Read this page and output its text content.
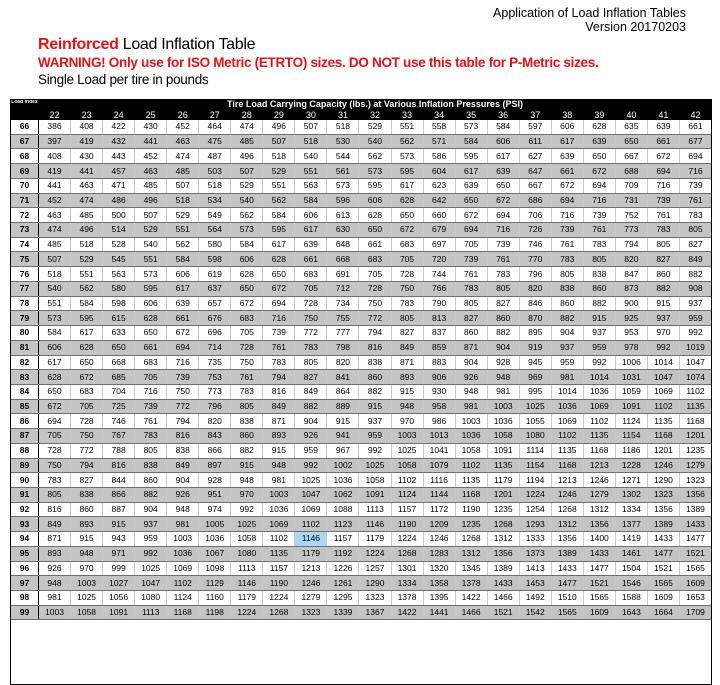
Application of Load Inflation Tables
Version 20170203
Reinforced Load Inflation Table
WARNING! Only use for ISO Metric (ETRTO) sizes. DO NOT use this table for P-Metric sizes.
Single Load per tire in pounds
Load Index	Tire Load Carrying Capacity (lbs.) at Various Inflation Pressures (PSI)																				
	22	23	24	25	26	27	28	29	30	31	32	33	34	35	36	37	38	39	40	41	42
66	386	408	422	430	452	464	474	496	507	518	529	551	558	573	584	597	606	628	635	639	661
67	397	419	432	441	463	475	485	507	518	530	540	562	571	584	606	611	617	639	650	661	677
68	408	430	443	452	474	487	496	518	540	544	562	573	586	595	617	627	639	650	667	672	694
69	419	441	457	463	485	503	507	529	551	561	573	595	604	617	639	647	661	672	688	694	716
70	441	463	471	485	507	518	529	551	563	573	595	617	623	639	650	667	672	694	709	716	739
71	452	474	486	496	518	534	540	562	584	596	606	628	642	650	672	686	694	716	731	739	761
72	463	485	500	507	529	549	562	584	606	613	628	650	660	672	694	706	716	739	752	761	783
73	474	496	514	529	551	564	573	595	617	630	650	672	679	694	716	726	739	761	773	783	805
74	485	518	528	540	562	580	584	617	639	648	661	683	697	705	739	746	761	783	794	805	827
75	507	529	545	551	584	598	606	628	661	668	683	705	720	739	761	770	783	805	820	827	849
76	518	551	563	573	606	619	628	650	683	691	705	728	744	761	783	796	805	838	847	860	882
77	540	562	580	595	617	637	650	672	705	712	728	750	766	783	805	820	838	860	873	882	908
78	551	584	598	606	639	657	672	694	728	734	750	783	790	805	827	846	860	882	900	915	937
79	573	595	615	628	661	676	683	716	750	755	772	805	813	827	860	870	882	915	925	937	959
80	584	617	633	650	672	696	705	739	772	777	794	827	837	860	882	895	904	937	953	970	992
81	606	628	650	661	694	714	728	761	783	798	816	849	859	871	904	919	937	959	978	992	1019
82	617	650	668	683	716	735	750	783	805	820	838	871	883	904	928	945	959	992	1006	1014	1047
83	628	672	685	705	739	753	761	794	827	841	860	893	906	926	948	969	981	1014	1031	1047	1074
84	650	683	704	716	750	773	783	816	849	864	882	915	930	948	981	995	1014	1036	1059	1069	1102
85	672	705	725	739	772	796	805	849	882	889	915	948	958	981	1003	1025	1036	1069	1091	1102	1135
86	694	728	746	761	794	820	838	871	904	915	937	970	986	1003	1036	1055	1069	1102	1124	1135	1168
87	705	750	767	783	816	843	860	893	926	941	959	1003	1013	1036	1058	1080	1102	1135	1154	1168	1201
88	728	772	788	805	838	866	882	915	959	967	992	1025	1041	1058	1091	1114	1135	1168	1186	1201	1235
89	750	794	816	838	849	897	915	948	992	1002	1025	1058	1079	1102	1135	1154	1168	1213	1228	1246	1279
90	783	827	844	860	904	928	948	981	1025	1036	1058	1102	1116	1135	1179	1194	1213	1246	1271	1290	1323
91	805	838	866	882	926	951	970	1003	1047	1062	1091	1124	1144	1168	1201	1224	1246	1279	1302	1323	1356
92	816	860	887	904	948	974	992	1036	1069	1088	1113	1157	1172	1190	1235	1254	1268	1312	1334	1356	1389
93	849	893	915	937	981	1005	1025	1069	1102	1123	1146	1190	1209	1235	1268	1293	1312	1356	1377	1389	1433
94	871	915	943	959	1003	1036	1058	1102	1146	1157	1179	1224	1246	1268	1312	1333	1356	1400	1419	1433	1477
95	893	948	971	992	1036	1067	1080	1135	1179	1192	1224	1268	1283	1312	1356	1373	1389	1433	1461	1477	1521
96	926	970	999	1025	1069	1098	1113	1157	1213	1226	1257	1301	1320	1345	1389	1413	1433	1477	1504	1521	1565
97	948	1003	1027	1047	1102	1129	1146	1190	1246	1261	1290	1334	1358	1378	1433	1453	1477	1521	1546	1565	1609
98	981	1025	1056	1080	1124	1160	1179	1224	1279	1295	1323	1378	1395	1422	1466	1492	1510	1565	1588	1609	1653
99	1003	1058	1091	1113	1168	1198	1224	1268	1323	1339	1367	1422	1441	1466	1521	1542	1565	1609	1643	1664	1709
